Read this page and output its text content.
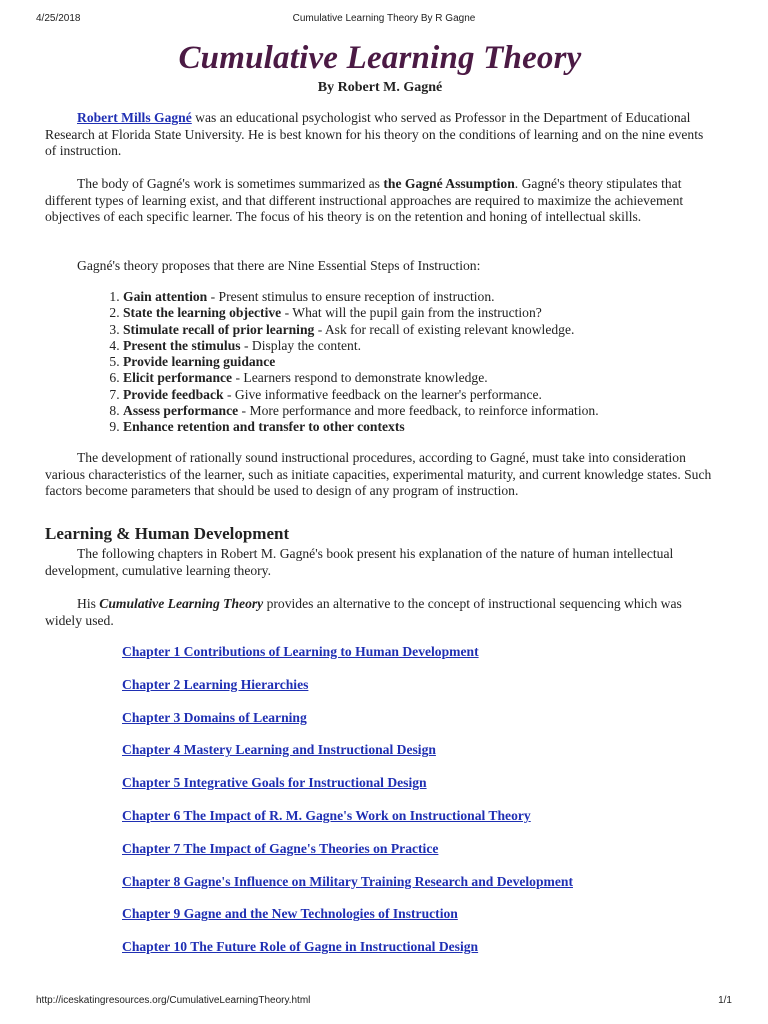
4/25/2018	Cumulative Learning Theory By R Gagne
Cumulative Learning Theory
By Robert M. Gagné

Robert Mills Gagné was an educational psychologist who served as Professor in the Department of Educational Research at Florida State University. He is best known for his theory on the conditions of learning and on the nine events of instruction.

The body of Gagné's work is sometimes summarized as the Gagné Assumption. Gagné's theory stipulates that different types of learning exist, and that different instructional approaches are required to maximize the achievement objectives of each specific learner. The focus of his theory is on the retention and honing of intellectual skills.

Gagné's theory proposes that there are Nine Essential Steps of Instruction:

1. Gain attention - Present stimulus to ensure reception of instruction.
2. State the learning objective - What will the pupil gain from the instruction?
3. Stimulate recall of prior learning - Ask for recall of existing relevant knowledge.
4. Present the stimulus - Display the content.
5. Provide learning guidance
6. Elicit performance - Learners respond to demonstrate knowledge.
7. Provide feedback - Give informative feedback on the learner's performance.
8. Assess performance - More performance and more feedback, to reinforce information.
9. Enhance retention and transfer to other contexts

The development of rationally sound instructional procedures, according to Gagné, must take into consideration various characteristics of the learner, such as initiate capacities, experimental maturity, and current knowledge states. Such factors become parameters that should be used to design of any program of instruction.

Learning & Human Development

The following chapters in Robert M. Gagné's book present his explanation of the nature of human intellectual development, cumulative learning theory.

His Cumulative Learning Theory provides an alternative to the concept of instructional sequencing which was widely used.

Chapter 1 Contributions of Learning to Human Development
Chapter 2 Learning Hierarchies
Chapter 3 Domains of Learning
Chapter 4 Mastery Learning and Instructional Design
Chapter 5 Integrative Goals for Instructional Design
Chapter 6 The Impact of R. M. Gagne's Work on Instructional Theory
Chapter 7 The Impact of Gagne's Theories on Practice
Chapter 8 Gagne's Influence on Military Training Research and Development
Chapter 9 Gagne and the New Technologies of Instruction
Chapter 10 The Future Role of Gagne in Instructional Design
http://iceskatingresources.org/CumulativeLearningTheory.html	1/1
